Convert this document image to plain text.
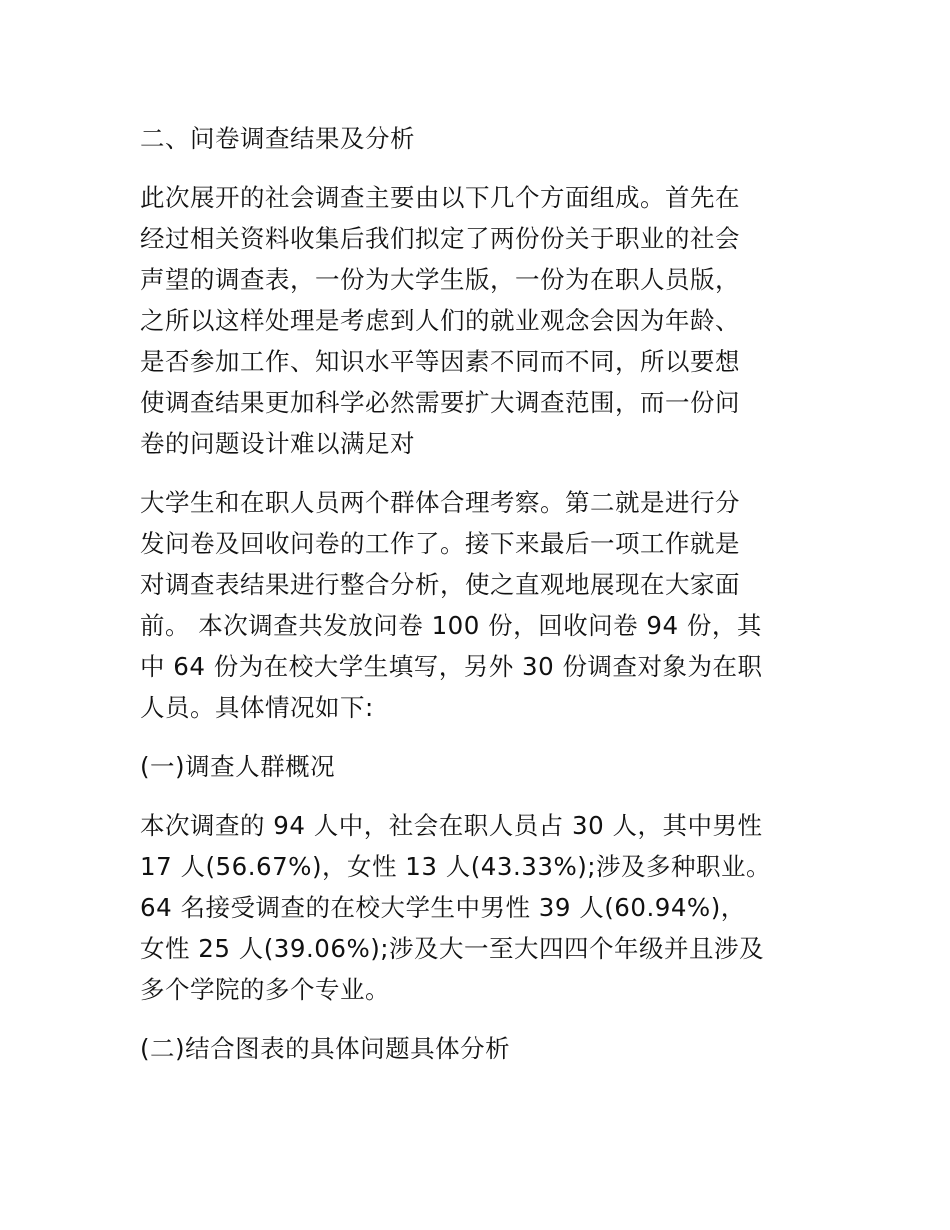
二、问卷调查结果及分析
此次展开的社会调查主要由以下几个方面组成。首先在
经过相关资料收集后我们拟定了两份份关于职业的社会
声望的调查表，一份为大学生版，一份为在职人员版，
之所以这样处理是考虑到人们的就业观念会因为年龄、
是否参加工作、知识水平等因素不同而不同，所以要想
使调查结果更加科学必然需要扩大调查范围，而一份问
卷的问题设计难以满足对
大学生和在职人员两个群体合理考察。第二就是进行分
发问卷及回收问卷的工作了。接下来最后一项工作就是
对调查表结果进行整合分析，使之直观地展现在大家面
前。 本次调查共发放问卷 100 份，回收问卷 94 份，其
中 64 份为在校大学生填写，另外 30 份调查对象为在职
人员。具体情况如下:
(一)调查人群概况
本次调查的 94 人中，社会在职人员占 30 人，其中男性
17 人(56.67%)，女性 13 人(43.33%);涉及多种职业。
64 名接受调查的在校大学生中男性 39 人(60.94%)，
女性 25 人(39.06%);涉及大一至大四四个年级并且涉及
多个学院的多个专业。
(二)结合图表的具体问题具体分析
